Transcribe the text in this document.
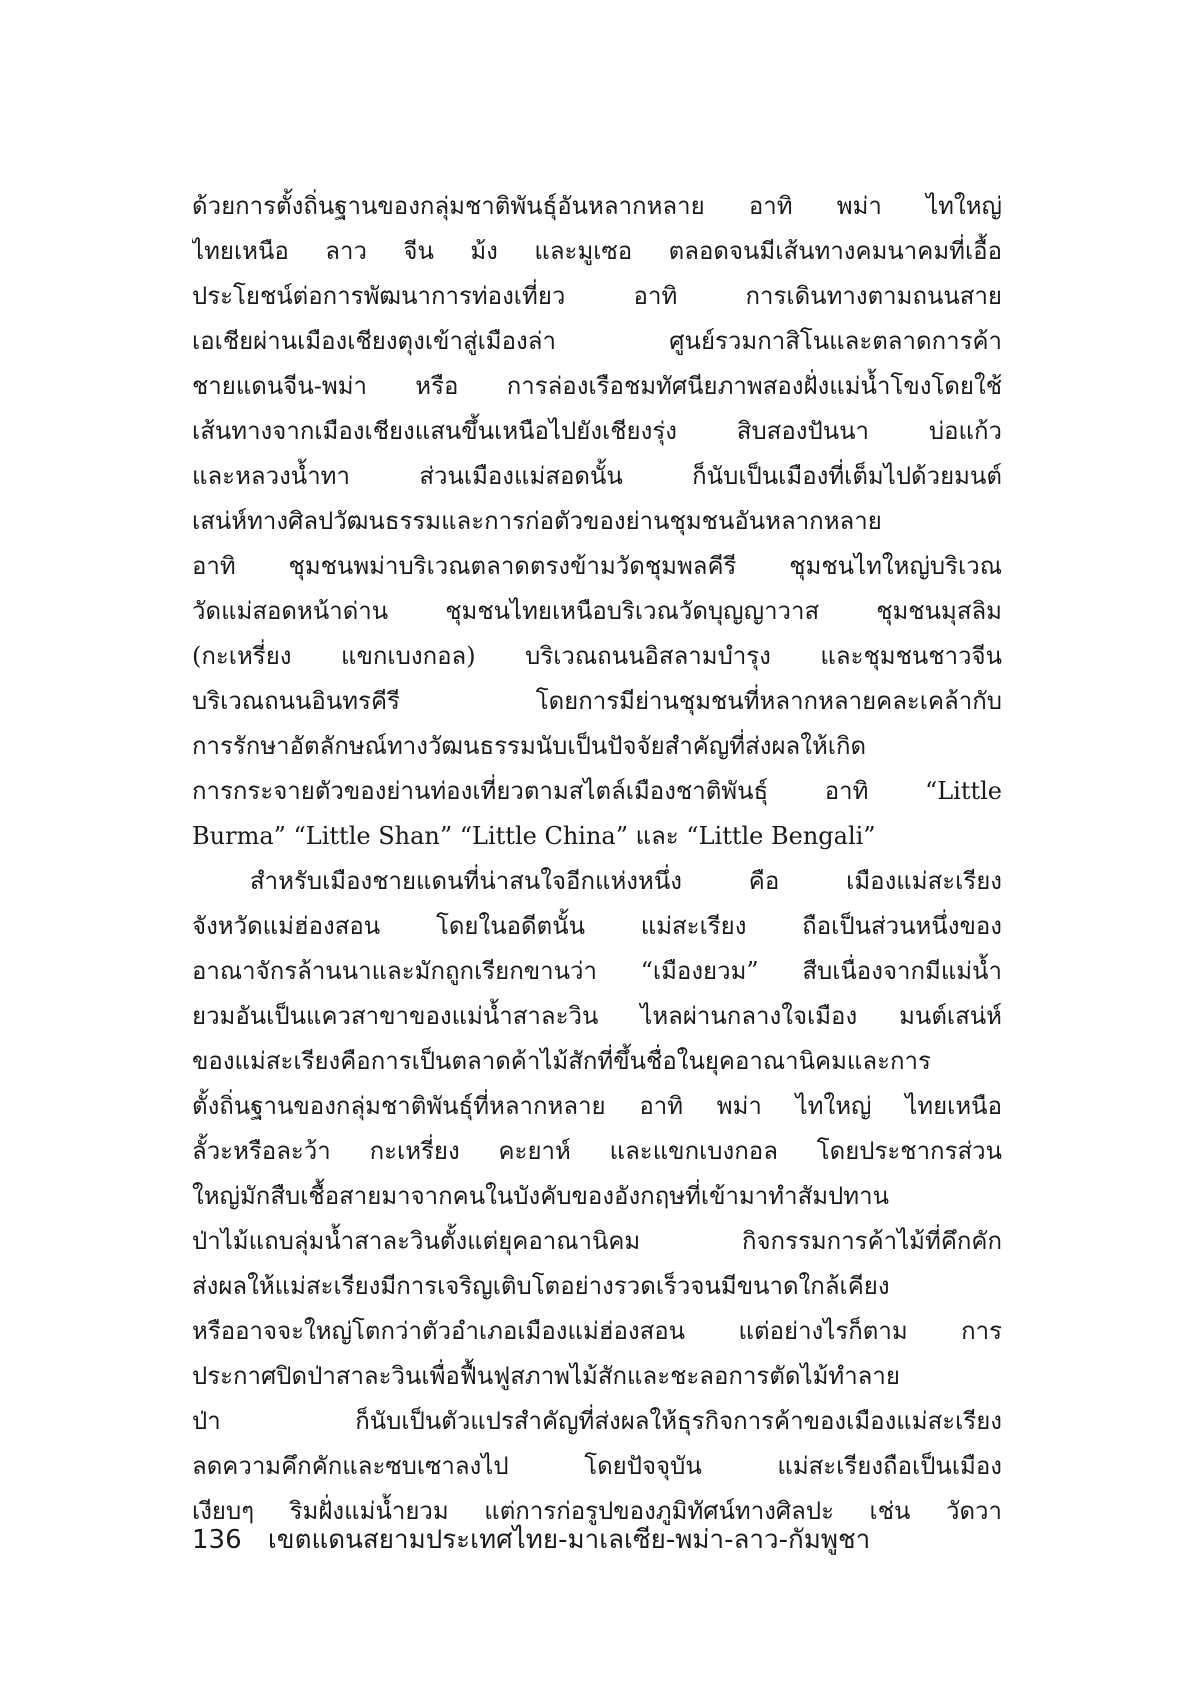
ด้วยการตั้งถิ่นฐานของกลุ่มชาติพันธุ์อันหลากหลาย อาทิ พม่า ไทใหญ่
ไทยเหนือ ลาว จีน ม้ง และมูเซอ ตลอดจนมีเส้นทางคมนาคมที่เอื้อ
ประโยชน์ต่อการพัฒนาการท่องเที่ยว อาทิ การเดินทางตามถนนสาย
เอเชียผ่านเมืองเชียงตุงเข้าสู่เมืองล่า ศูนย์รวมกาสิโนและตลาดการค้า
ชายแดนจีน-พม่า หรือ การล่องเรือชมทัศนียภาพสองฝั่งแม่น้ำโขงโดยใช้
เส้นทางจากเมืองเชียงแสนขึ้นเหนือไปยังเชียงรุ่ง สิบสองปันนา บ่อแก้ว
และหลวงน้ำทา ส่วนเมืองแม่สอดนั้น ก็นับเป็นเมืองที่เต็มไปด้วยมนต์
เสน่ห์ทางศิลปวัฒนธรรมและการก่อตัวของย่านชุมชนอันหลากหลาย
อาทิ ชุมชนพม่าบริเวณตลาดตรงข้ามวัดชุมพลคีรี ชุมชนไทใหญ่บริเวณ
วัดแม่สอดหน้าด่าน ชุมชนไทยเหนือบริเวณวัดบุญญาวาส ชุมชนมุสลิม
(กะเหรี่ยง แขกเบงกอล) บริเวณถนนอิสลามบำรุง และชุมชนชาวจีน
บริเวณถนนอินทรคีรี โดยการมีย่านชุมชนที่หลากหลายคละเคล้ากับ
การรักษาอัตลักษณ์ทางวัฒนธรรมนับเป็นปัจจัยสำคัญที่ส่งผลให้เกิด
การกระจายตัวของย่านท่องเที่ยวตามสไตล์เมืองชาติพันธุ์ อาทิ “Little
Burma” “Little Shan” “Little China” และ “Little Bengali”
สำหรับเมืองชายแดนที่น่าสนใจอีกแห่งหนึ่ง คือ เมืองแม่สะเรียง
จังหวัดแม่ฮ่องสอน โดยในอดีตนั้น แม่สะเรียง ถือเป็นส่วนหนึ่งของ
อาณาจักรล้านนาและมักถูกเรียกขานว่า “เมืองยวม” สืบเนื่องจากมีแม่น้ำ
ยวมอันเป็นแควสาขาของแม่น้ำสาละวิน ไหลผ่านกลางใจเมือง มนต์เสน่ห์
ของแม่สะเรียงคือการเป็นตลาดค้าไม้สักที่ขึ้นชื่อในยุคอาณานิคมและการ
ตั้งถิ่นฐานของกลุ่มชาติพันธุ์ที่หลากหลาย อาทิ พม่า ไทใหญ่ ไทยเหนือ
ลั้วะหรือละว้า กะเหรี่ยง คะยาห์ และแขกเบงกอล โดยประชากรส่วน
ใหญ่มักสืบเชื้อสายมาจากคนในบังคับของอังกฤษที่เข้ามาทำสัมปทาน
ป่าไม้แถบลุ่มน้ำสาละวินตั้งแต่ยุคอาณานิคม กิจกรรมการค้าไม้ที่คึกคัก
ส่งผลให้แม่สะเรียงมีการเจริญเติบโตอย่างรวดเร็วจนมีขนาดใกล้เคียง
หรืออาจจะใหญ่โตกว่าตัวอำเภอเมืองแม่ฮ่องสอน แต่อย่างไรก็ตาม การ
ประกาศปิดป่าสาละวินเพื่อฟื้นฟูสภาพไม้สักและชะลอการตัดไม้ทำลาย
ป่า ก็นับเป็นตัวแปรสำคัญที่ส่งผลให้ธุรกิจการค้าของเมืองแม่สะเรียง
ลดความคึกคักและซบเซาลงไป โดยปัจจุบัน แม่สะเรียงถือเป็นเมือง
เงียบๆ ริมฝั่งแม่น้ำยวม แต่การก่อรูปของภูมิทัศน์ทางศิลปะ เช่น วัดวา
136 เขตแดนสยามประเทศไทย-มาเลเซีย-พม่า-ลาว-กัมพูชา
